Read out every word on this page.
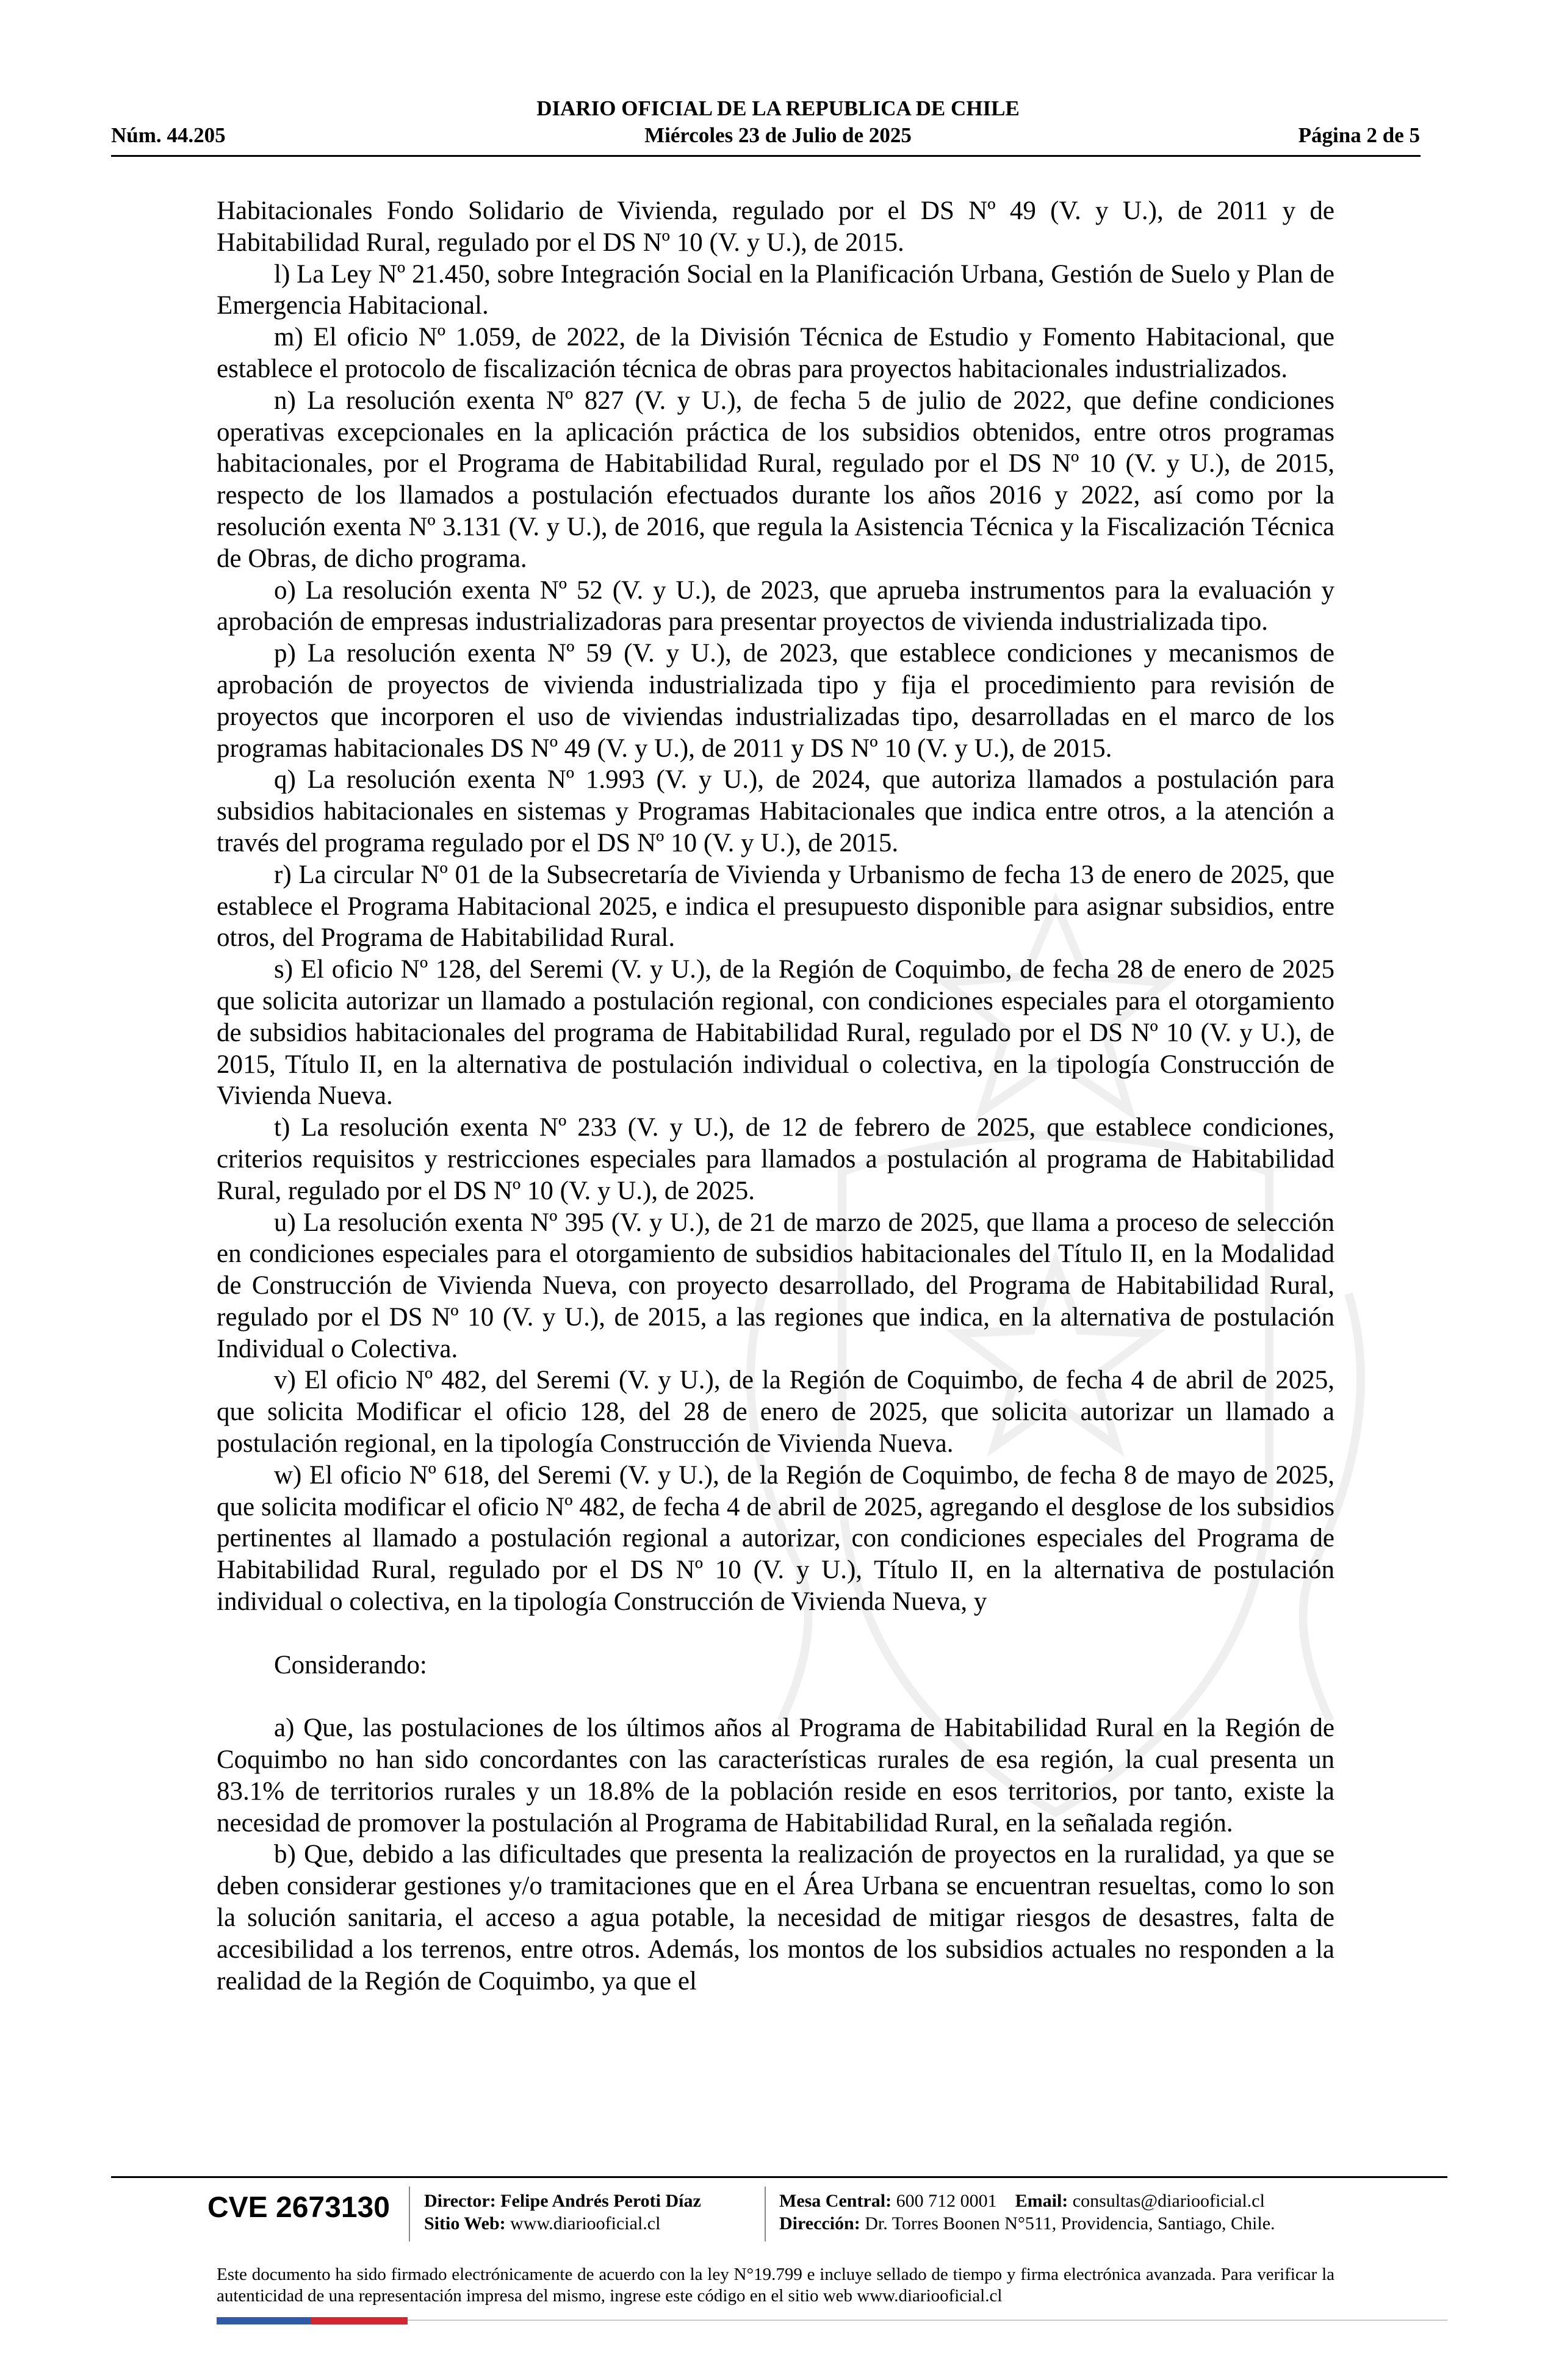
DIARIO OFICIAL DE LA REPUBLICA DE CHILE
Miércoles 23 de Julio de 2025
Núm. 44.205	Página 2 de 5

Habitacionales Fondo Solidario de Vivienda, regulado por el DS Nº 49 (V. y U.), de 2011 y de Habitabilidad Rural, regulado por el DS Nº 10 (V. y U.), de 2015.

l) La Ley Nº 21.450, sobre Integración Social en la Planificación Urbana, Gestión de Suelo y Plan de Emergencia Habitacional.

m) El oficio Nº 1.059, de 2022, de la División Técnica de Estudio y Fomento Habitacional, que establece el protocolo de fiscalización técnica de obras para proyectos habitacionales industrializados.

n) La resolución exenta Nº 827 (V. y U.), de fecha 5 de julio de 2022, que define condiciones operativas excepcionales en la aplicación práctica de los subsidios obtenidos, entre otros programas habitacionales, por el Programa de Habitabilidad Rural, regulado por el DS Nº 10 (V. y U.), de 2015, respecto de los llamados a postulación efectuados durante los años 2016 y 2022, así como por la resolución exenta Nº 3.131 (V. y U.), de 2016, que regula la Asistencia Técnica y la Fiscalización Técnica de Obras, de dicho programa.

o) La resolución exenta Nº 52 (V. y U.), de 2023, que aprueba instrumentos para la evaluación y aprobación de empresas industrializadoras para presentar proyectos de vivienda industrializada tipo.

p) La resolución exenta Nº 59 (V. y U.), de 2023, que establece condiciones y mecanismos de aprobación de proyectos de vivienda industrializada tipo y fija el procedimiento para revisión de proyectos que incorporen el uso de viviendas industrializadas tipo, desarrolladas en el marco de los programas habitacionales DS Nº 49 (V. y U.), de 2011 y DS Nº 10 (V. y U.), de 2015.

q) La resolución exenta Nº 1.993 (V. y U.), de 2024, que autoriza llamados a postulación para subsidios habitacionales en sistemas y Programas Habitacionales que indica entre otros, a la atención a través del programa regulado por el DS Nº 10 (V. y U.), de 2015.

r) La circular Nº 01 de la Subsecretaría de Vivienda y Urbanismo de fecha 13 de enero de 2025, que establece el Programa Habitacional 2025, e indica el presupuesto disponible para asignar subsidios, entre otros, del Programa de Habitabilidad Rural.

s) El oficio Nº 128, del Seremi (V. y U.), de la Región de Coquimbo, de fecha 28 de enero de 2025 que solicita autorizar un llamado a postulación regional, con condiciones especiales para el otorgamiento de subsidios habitacionales del programa de Habitabilidad Rural, regulado por el DS Nº 10 (V. y U.), de 2015, Título II, en la alternativa de postulación individual o colectiva, en la tipología Construcción de Vivienda Nueva.

t) La resolución exenta Nº 233 (V. y U.), de 12 de febrero de 2025, que establece condiciones, criterios requisitos y restricciones especiales para llamados a postulación al programa de Habitabilidad Rural, regulado por el DS Nº 10 (V. y U.), de 2025.

u) La resolución exenta Nº 395 (V. y U.), de 21 de marzo de 2025, que llama a proceso de selección en condiciones especiales para el otorgamiento de subsidios habitacionales del Título II, en la Modalidad de Construcción de Vivienda Nueva, con proyecto desarrollado, del Programa de Habitabilidad Rural, regulado por el DS Nº 10 (V. y U.), de 2015, a las regiones que indica, en la alternativa de postulación Individual o Colectiva.

v) El oficio Nº 482, del Seremi (V. y U.), de la Región de Coquimbo, de fecha 4 de abril de 2025, que solicita Modificar el oficio 128, del 28 de enero de 2025, que solicita autorizar un llamado a postulación regional, en la tipología Construcción de Vivienda Nueva.

w) El oficio Nº 618, del Seremi (V. y U.), de la Región de Coquimbo, de fecha 8 de mayo de 2025, que solicita modificar el oficio Nº 482, de fecha 4 de abril de 2025, agregando el desglose de los subsidios pertinentes al llamado a postulación regional a autorizar, con condiciones especiales del Programa de Habitabilidad Rural, regulado por el DS Nº 10 (V. y U.), Título II, en la alternativa de postulación individual o colectiva, en la tipología Construcción de Vivienda Nueva, y

Considerando:

a) Que, las postulaciones de los últimos años al Programa de Habitabilidad Rural en la Región de Coquimbo no han sido concordantes con las características rurales de esa región, la cual presenta un 83.1% de territorios rurales y un 18.8% de la población reside en esos territorios, por tanto, existe la necesidad de promover la postulación al Programa de Habitabilidad Rural, en la señalada región.

b) Que, debido a las dificultades que presenta la realización de proyectos en la ruralidad, ya que se deben considerar gestiones y/o tramitaciones que en el Área Urbana se encuentran resueltas, como lo son la solución sanitaria, el acceso a agua potable, la necesidad de mitigar riesgos de desastres, falta de accesibilidad a los terrenos, entre otros. Además, los montos de los subsidios actuales no responden a la realidad de la Región de Coquimbo, ya que el

CVE 2673130 Director: Felipe Andrés Peroti Díaz
Sitio Web: www.diariooficial.cl
Mesa Central: 600 712 0001 Email: consultas@diariooficial.cl
Dirección: Dr. Torres Boonen N°511, Providencia, Santiago, Chile.
Este documento ha sido firmado electrónicamente de acuerdo con la ley N°19.799 e incluye sellado de tiempo y firma electrónica avanzada. Para verificar la autenticidad de una representación impresa del mismo, ingrese este código en el sitio web www.diariooficial.cl
